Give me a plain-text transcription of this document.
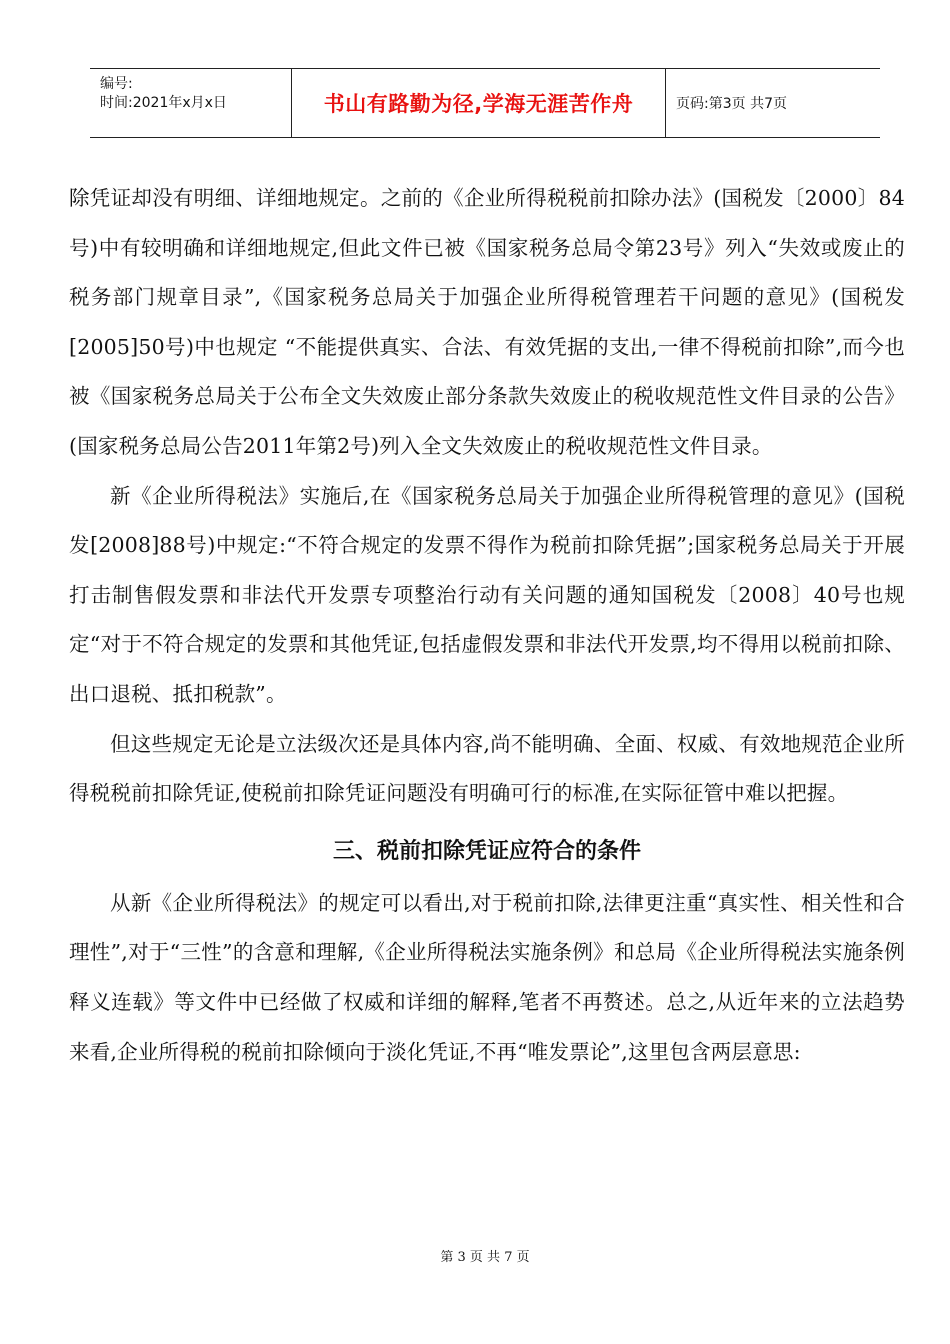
编号:
时间:2021年x月x日	书山有路勤为径,学海无涯苦作舟	页码:第3页 共7页

除凭证却没有明细、详细地规定。之前的《企业所得税税前扣除办法》(国税发〔2000〕84号)中有较明确和详细地规定,但此文件已被《国家税务总局令第23号》列入“失效或废止的税务部门规章目录”,《国家税务总局关于加强企业所得税管理若干问题的意见》(国税发[2005]50号)中也规定 “不能提供真实、合法、有效凭据的支出,一律不得税前扣除”,而今也被《国家税务总局关于公布全文失效废止部分条款失效废止的税收规范性文件目录的公告》(国家税务总局公告2011年第2号)列入全文失效废止的税收规范性文件目录。

新《企业所得税法》实施后,在《国家税务总局关于加强企业所得税管理的意见》(国税发[2008]88号)中规定:“不符合规定的发票不得作为税前扣除凭据”;国家税务总局关于开展打击制售假发票和非法代开发票专项整治行动有关问题的通知国税发〔2008〕40号也规定“对于不符合规定的发票和其他凭证,包括虚假发票和非法代开发票,均不得用以税前扣除、出口退税、抵扣税款”。

但这些规定无论是立法级次还是具体内容,尚不能明确、全面、权威、有效地规范企业所得税税前扣除凭证,使税前扣除凭证问题没有明确可行的标准,在实际征管中难以把握。

三、税前扣除凭证应符合的条件

从新《企业所得税法》的规定可以看出,对于税前扣除,法律更注重“真实性、相关性和合理性”,对于“三性”的含意和理解,《企业所得税法实施条例》和总局《企业所得税法实施条例释义连载》等文件中已经做了权威和详细的解释,笔者不再赘述。总之,从近年来的立法趋势来看,企业所得税的税前扣除倾向于淡化凭证,不再“唯发票论”,这里包含两层意思:

第 3 页 共 7 页
